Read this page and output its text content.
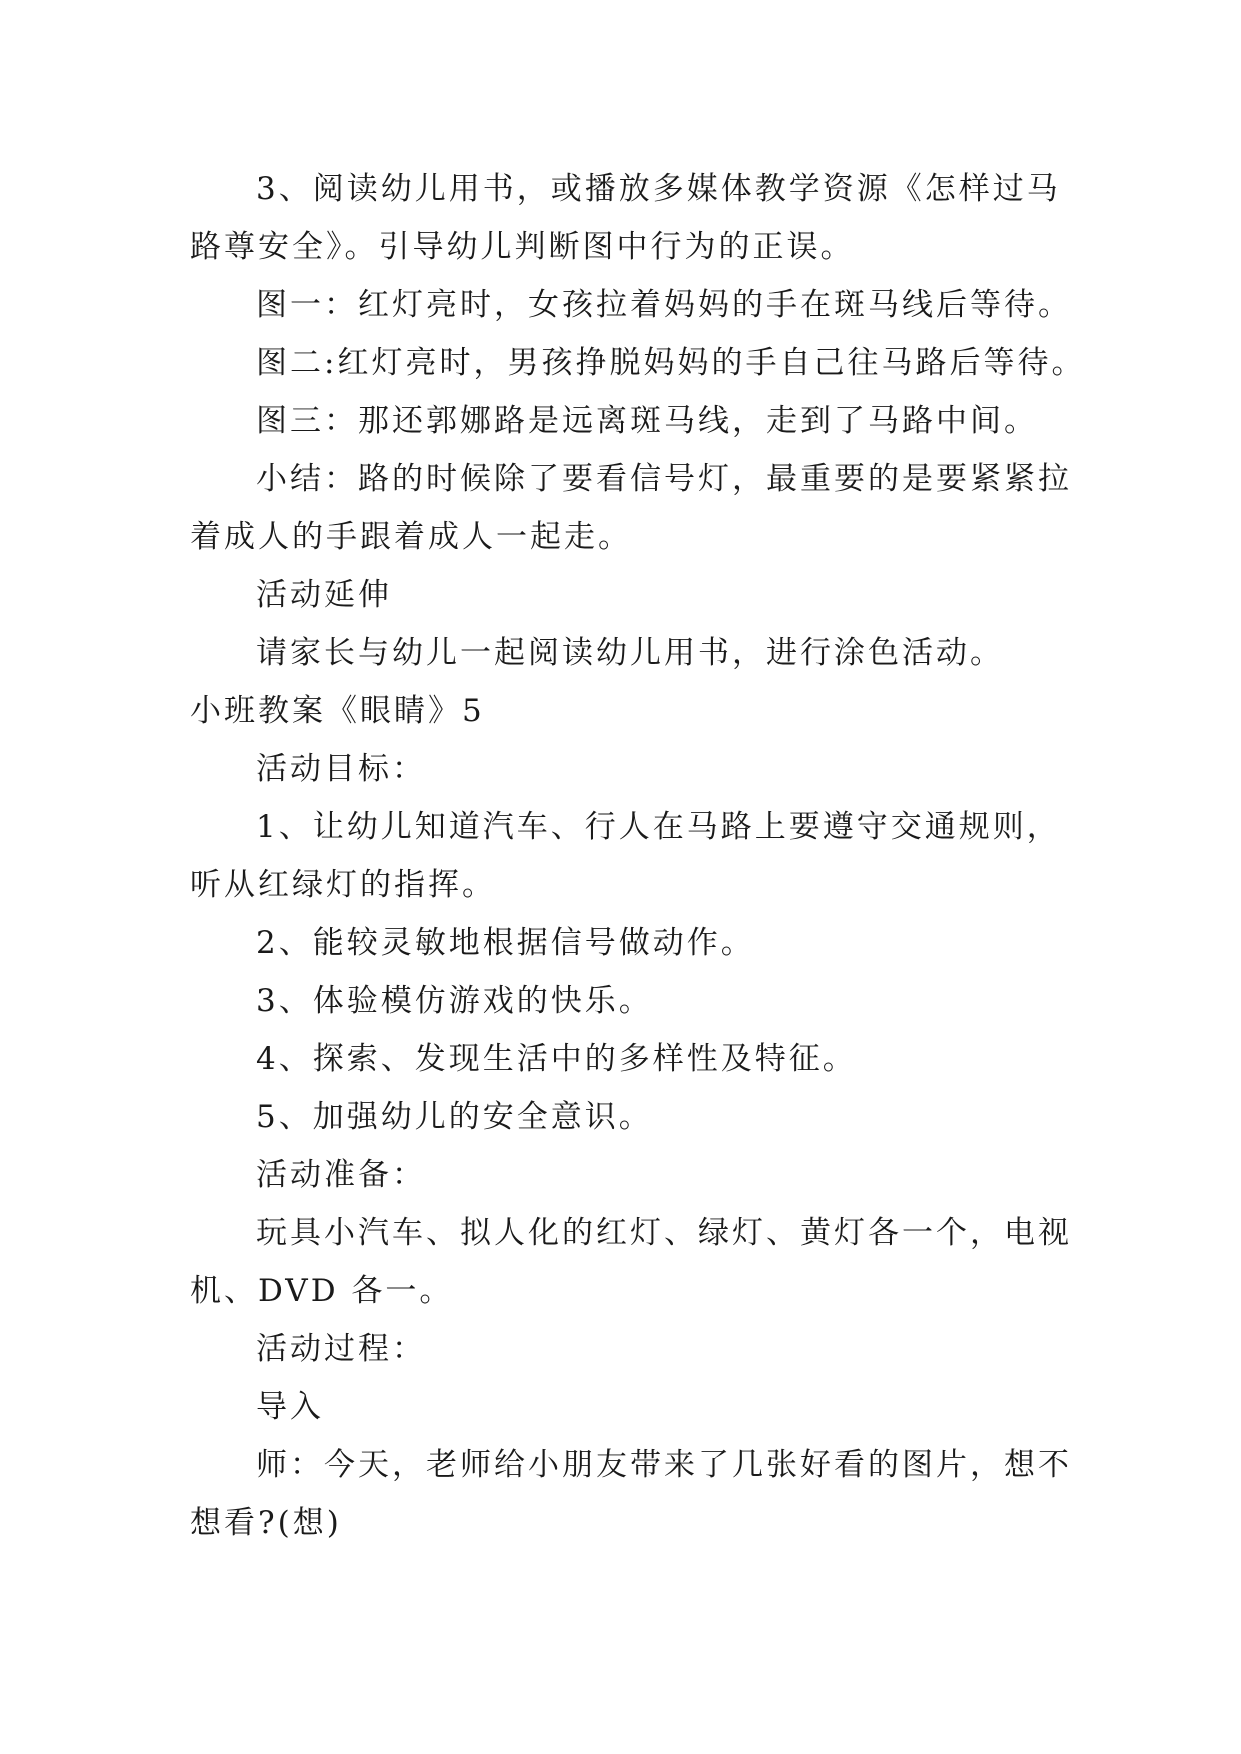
3、阅读幼儿用书，或播放多媒体教学资源《怎样过马
路尊安全》。引导幼儿判断图中行为的正误。
图一：红灯亮时，女孩拉着妈妈的手在斑马线后等待。
图二:红灯亮时，男孩挣脱妈妈的手自己往马路后等待。
图三：那还郭娜路是远离斑马线，走到了马路中间。
小结：路的时候除了要看信号灯，最重要的是要紧紧拉
着成人的手跟着成人一起走。
活动延伸
请家长与幼儿一起阅读幼儿用书，进行涂色活动。
小班教案《眼睛》5
活动目标：
1、让幼儿知道汽车、行人在马路上要遵守交通规则，
听从红绿灯的指挥。
2、能较灵敏地根据信号做动作。
3、体验模仿游戏的快乐。
4、探索、发现生活中的多样性及特征。
5、加强幼儿的安全意识。
活动准备：
玩具小汽车、拟人化的红灯、绿灯、黄灯各一个，电视
机、DVD 各一。
活动过程：
导入
师：今天，老师给小朋友带来了几张好看的图片，想不
想看?(想)
